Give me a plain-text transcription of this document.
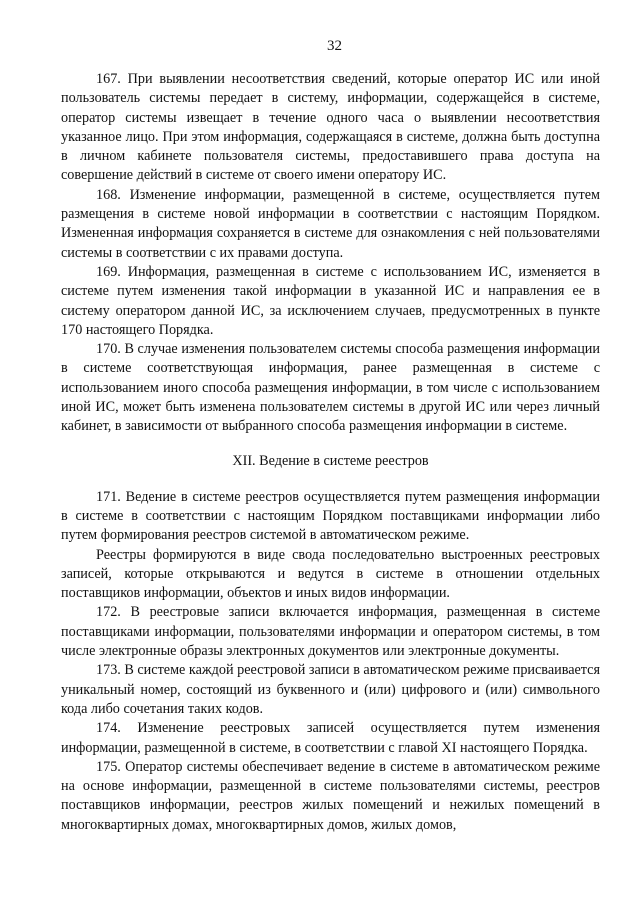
32

167. При выявлении несоответствия сведений, которые оператор ИС или иной пользователь системы передает в систему, информации, содержащейся в системе, оператор системы извещает в течение одного часа о выявлении несоответствия указанное лицо. При этом информация, содержащаяся в системе, должна быть доступна в личном кабинете пользователя системы, предоставившего права доступа на совершение действий в системе от своего имени оператору ИС.

168. Изменение информации, размещенной в системе, осуществляется путем размещения в системе новой информации в соответствии с настоящим Порядком. Измененная информация сохраняется в системе для ознакомления с ней пользователями системы в соответствии с их правами доступа.

169. Информация, размещенная в системе с использованием ИС, изменяется в системе путем изменения такой информации в указанной ИС и направления ее в систему оператором данной ИС, за исключением случаев, предусмотренных в пункте 170 настоящего Порядка.

170. В случае изменения пользователем системы способа размещения информации в системе соответствующая информация, ранее размещенная в системе с использованием иного способа размещения информации, в том числе с использованием иной ИС, может быть изменена пользователем системы в другой ИС или через личный кабинет, в зависимости от выбранного способа размещения информации в системе.

XII. Ведение в системе реестров

171. Ведение в системе реестров осуществляется путем размещения информации в системе в соответствии с настоящим Порядком поставщиками информации либо путем формирования реестров системой в автоматическом режиме.

Реестры формируются в виде свода последовательно выстроенных реестровых записей, которые открываются и ведутся в системе в отношении отдельных поставщиков информации, объектов и иных видов информации.

172. В реестровые записи включается информация, размещенная в системе поставщиками информации, пользователями информации и оператором системы, в том числе электронные образы электронных документов или электронные документы.

173. В системе каждой реестровой записи в автоматическом режиме присваивается уникальный номер, состоящий из буквенного и (или) цифрового и (или) символьного кода либо сочетания таких кодов.

174. Изменение реестровых записей осуществляется путем изменения информации, размещенной в системе, в соответствии с главой XI настоящего Порядка.

175. Оператор системы обеспечивает ведение в системе в автоматическом режиме на основе информации, размещенной в системе пользователями системы, реестров поставщиков информации, реестров жилых помещений и нежилых помещений в многоквартирных домах, многоквартирных домов, жилых домов,
